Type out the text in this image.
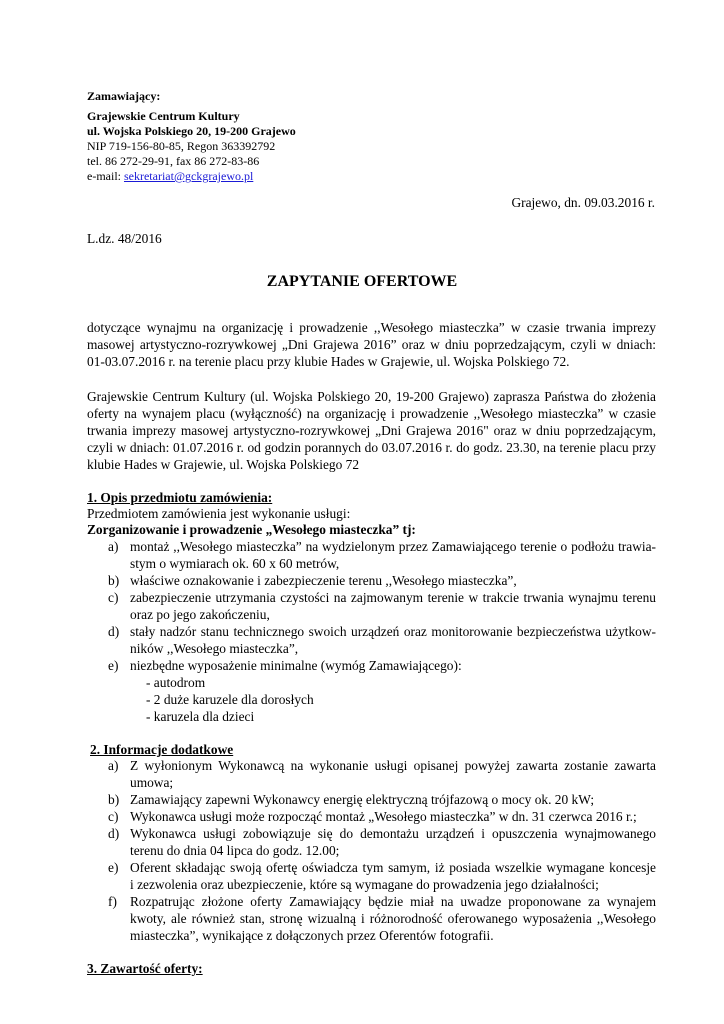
Zamawiający:
Grajewskie Centrum Kultury
ul. Wojska Polskiego 20, 19-200 Grajewo
NIP 719-156-80-85, Regon 363392792
tel. 86 272-29-91, fax 86 272-83-86
e-mail: sekretariat@gckgrajewo.pl
Grajewo, dn. 09.03.2016 r.
L.dz. 48/2016
ZAPYTANIE OFERTOWE
dotyczące wynajmu na organizację i prowadzenie ,,Wesołego miasteczka” w czasie trwania imprezy
masowej artystyczno-rozrywkowej „Dni Grajewa 2016” oraz w dniu poprzedzającym, czyli w dniach:
01-03.07.2016 r. na terenie placu przy klubie Hades w Grajewie, ul. Wojska Polskiego 72.
Grajewskie Centrum Kultury (ul. Wojska Polskiego 20, 19-200 Grajewo) zaprasza Państwa do złożenia
oferty na wynajem placu (wyłączność) na organizację i prowadzenie ,,Wesołego miasteczka” w czasie
trwania imprezy masowej artystyczno-rozrywkowej „Dni Grajewa 2016" oraz w dniu poprzedzającym,
czyli w dniach: 01.07.2016 r. od godzin porannych do 03.07.2016 r. do godz. 23.30, na terenie placu przy
klubie Hades w Grajewie, ul. Wojska Polskiego 72
1. Opis przedmiotu zamówienia:
Przedmiotem zamówienia jest wykonanie usługi:
Zorganizowanie i prowadzenie „Wesołego miasteczka” tj:
a) montaż ,,Wesołego miasteczka” na wydzielonym przez Zamawiającego terenie o podłożu trawia-
stym o wymiarach ok. 60 x 60 metrów,
b) właściwe oznakowanie i zabezpieczenie terenu ,,Wesołego miasteczka”,
c) zabezpieczenie utrzymania czystości na zajmowanym terenie w trakcie trwania wynajmu terenu
oraz po jego zakończeniu,
d) stały nadzór stanu technicznego swoich urządzeń oraz monitorowanie bezpieczeństwa użytkow-
ników ,,Wesołego miasteczka”,
e) niezbędne wyposażenie minimalne (wymóg Zamawiającego):
- autodrom
- 2 duże karuzele dla dorosłych
- karuzela dla dzieci
2. Informacje dodatkowe
a) Z wyłonionym Wykonawcą na wykonanie usługi opisanej powyżej zawarta zostanie zawarta
umowa;
b) Zamawiający zapewni Wykonawcy energię elektryczną trójfazową o mocy ok. 20 kW;
c) Wykonawca usługi może rozpocząć montaż „Wesołego miasteczka” w dn. 31 czerwca 2016 r.;
d) Wykonawca usługi zobowiązuje się do demontażu urządzeń i opuszczenia wynajmowanego
terenu do dnia 04 lipca do godz. 12.00;
e) Oferent składając swoją ofertę oświadcza tym samym, iż posiada wszelkie wymagane koncesje
i zezwolenia oraz ubezpieczenie, które są wymagane do prowadzenia jego działalności;
f) Rozpatrując złożone oferty Zamawiający będzie miał na uwadze proponowane za wynajem
kwoty, ale również stan, stronę wizualną i różnorodność oferowanego wyposażenia ,,Wesołego
miasteczka”, wynikające z dołączonych przez Oferentów fotografii.
3. Zawartość oferty:
